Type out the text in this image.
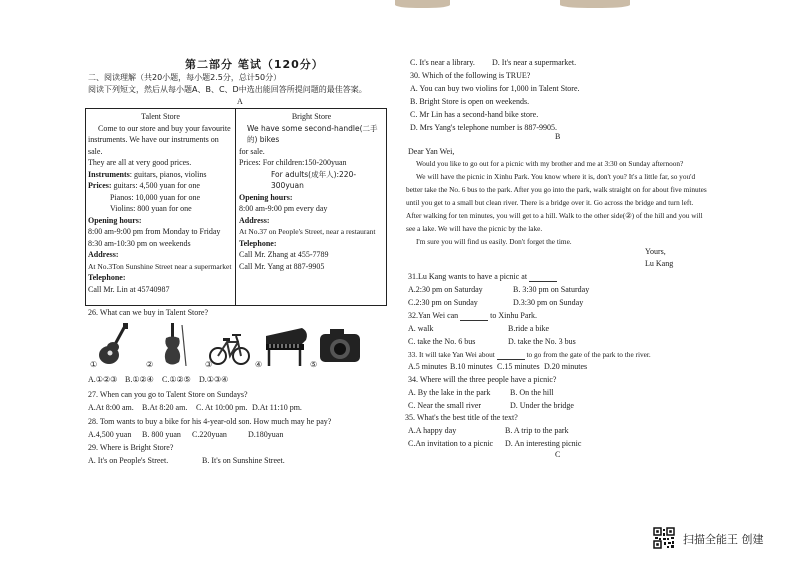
第二部分 笔试（120分）
二、阅读理解（共20小题，每小题2.5分，总计50分）
阅读下列短文，然后从每小题A、B、C、D中选出能回答所提问题的最佳答案。
A
Talent Store
Come to our store and buy your favourite
instruments. We have our instruments on sale.
They are all at very good prices.
Instruments: guitars, pianos, violins
Prices: guitars: 4,500 yuan for one
Pianos: 10,000 yuan for one
Violins: 800 yuan for one
Opening hours:
8:00 am-9:00 pm from Monday to Friday
8:30 am-10:30 pm on weekends
Address:
At No.3Ton Sunshine Street near a supermarket
Telephone:
Call Mr. Lin at 45740987
Bright Store
We have some second-handle(二手的) bikes
for sale.
Prices: For children:150-200yuan
For adults(成年人):220-300yuan
Opening hours:
8:00 am-9:00 pm every day
Address:
At No.37 on People's Street, near a restaurant
Telephone:
Call Mr. Zhang at 455-7789
Call Mr. Yang at 887-9905
26. What can we buy in Talent Store?
①	②	③	④	⑤
A.①②③ B.①②④ C.①②⑤ D.①③④
27. When can you go to Talent Store on Sundays?
A.At 8:00 am. B.At 8:20 am. C. At 10:00 pm. D.At 11:10 pm.
28. Tom wants to buy a bike for his 4-year-old son. How much may he pay?
A.4,500 yuan B. 800 yuan C.220yuan	D.180yuan
29. Where is Bright Store?
A. It's on People's Street.	B. It's on Sunshine Street.
C. It's near a library. D. It's near a supermarket.
30. Which of the following is TRUE?
A. You can buy two violins for 1,000 in Talent Store.
B. Bright Store is open on weekends.
C. Mr Lin has a second-hand bike store.
D. Mrs Yang's telephone number is 887-9905.
B
Dear Yan Wei,
Would you like to go out for a picnic with my brother and me at 3:30 on Sunday afternoon?
We will have the picnic in Xinhu Park. You know where it is, don't you? It's a little far, so you'd
better take the No. 6 bus to the park. After you go into the park, walk straight on for about five minutes
until you get to a small but clean river. There is a bridge over it. Go across the bridge and turn left.
After walking for ten minutes, you will get to a hill. Walk to the other side(②) of the hill and you will
see a lake. We will have the picnic by the lake.
I'm sure you will find us easily. Don't forget the time.
Yours,
Lu Kang
31.Lu Kang wants to have a picnic at
A.2:30 pm on Saturday	B. 3:30 pm on Saturday
C.2:30 pm on Sunday	D.3:30 pm on Sunday
32.Yan Wei can	to Xinhu Park.
A. walk	B.ride a bike
C. take the No. 6 bus	D. take the No. 3 bus
33. It will take Yan Wei about	to go from the gate of the park to the river.
A.5 minutes B.10 minutes C.15 minutes D.20 minutes
34. Where will the three people have a picnic?
A. By the lake in the park B. On the hill
C. Near the small river	D. Under the bridge
35. What's the best title of the text?
A.A happy day	B. A trip to the park
C.An invitation to a picnic D. An interesting picnic
C
扫描全能王 创建
